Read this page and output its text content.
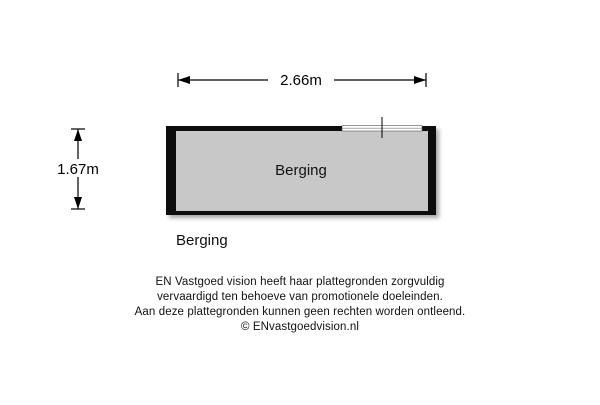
2.66m
1.67m	Berging
Berging
EN Vastgoed vision heeft haar plattegronden zorgvuldig
vervaardigd ten behoeve van promotionele doeleinden.
Aan deze plattegronden kunnen geen rechten worden ontleend.
© ENvastgoedvision.nl
